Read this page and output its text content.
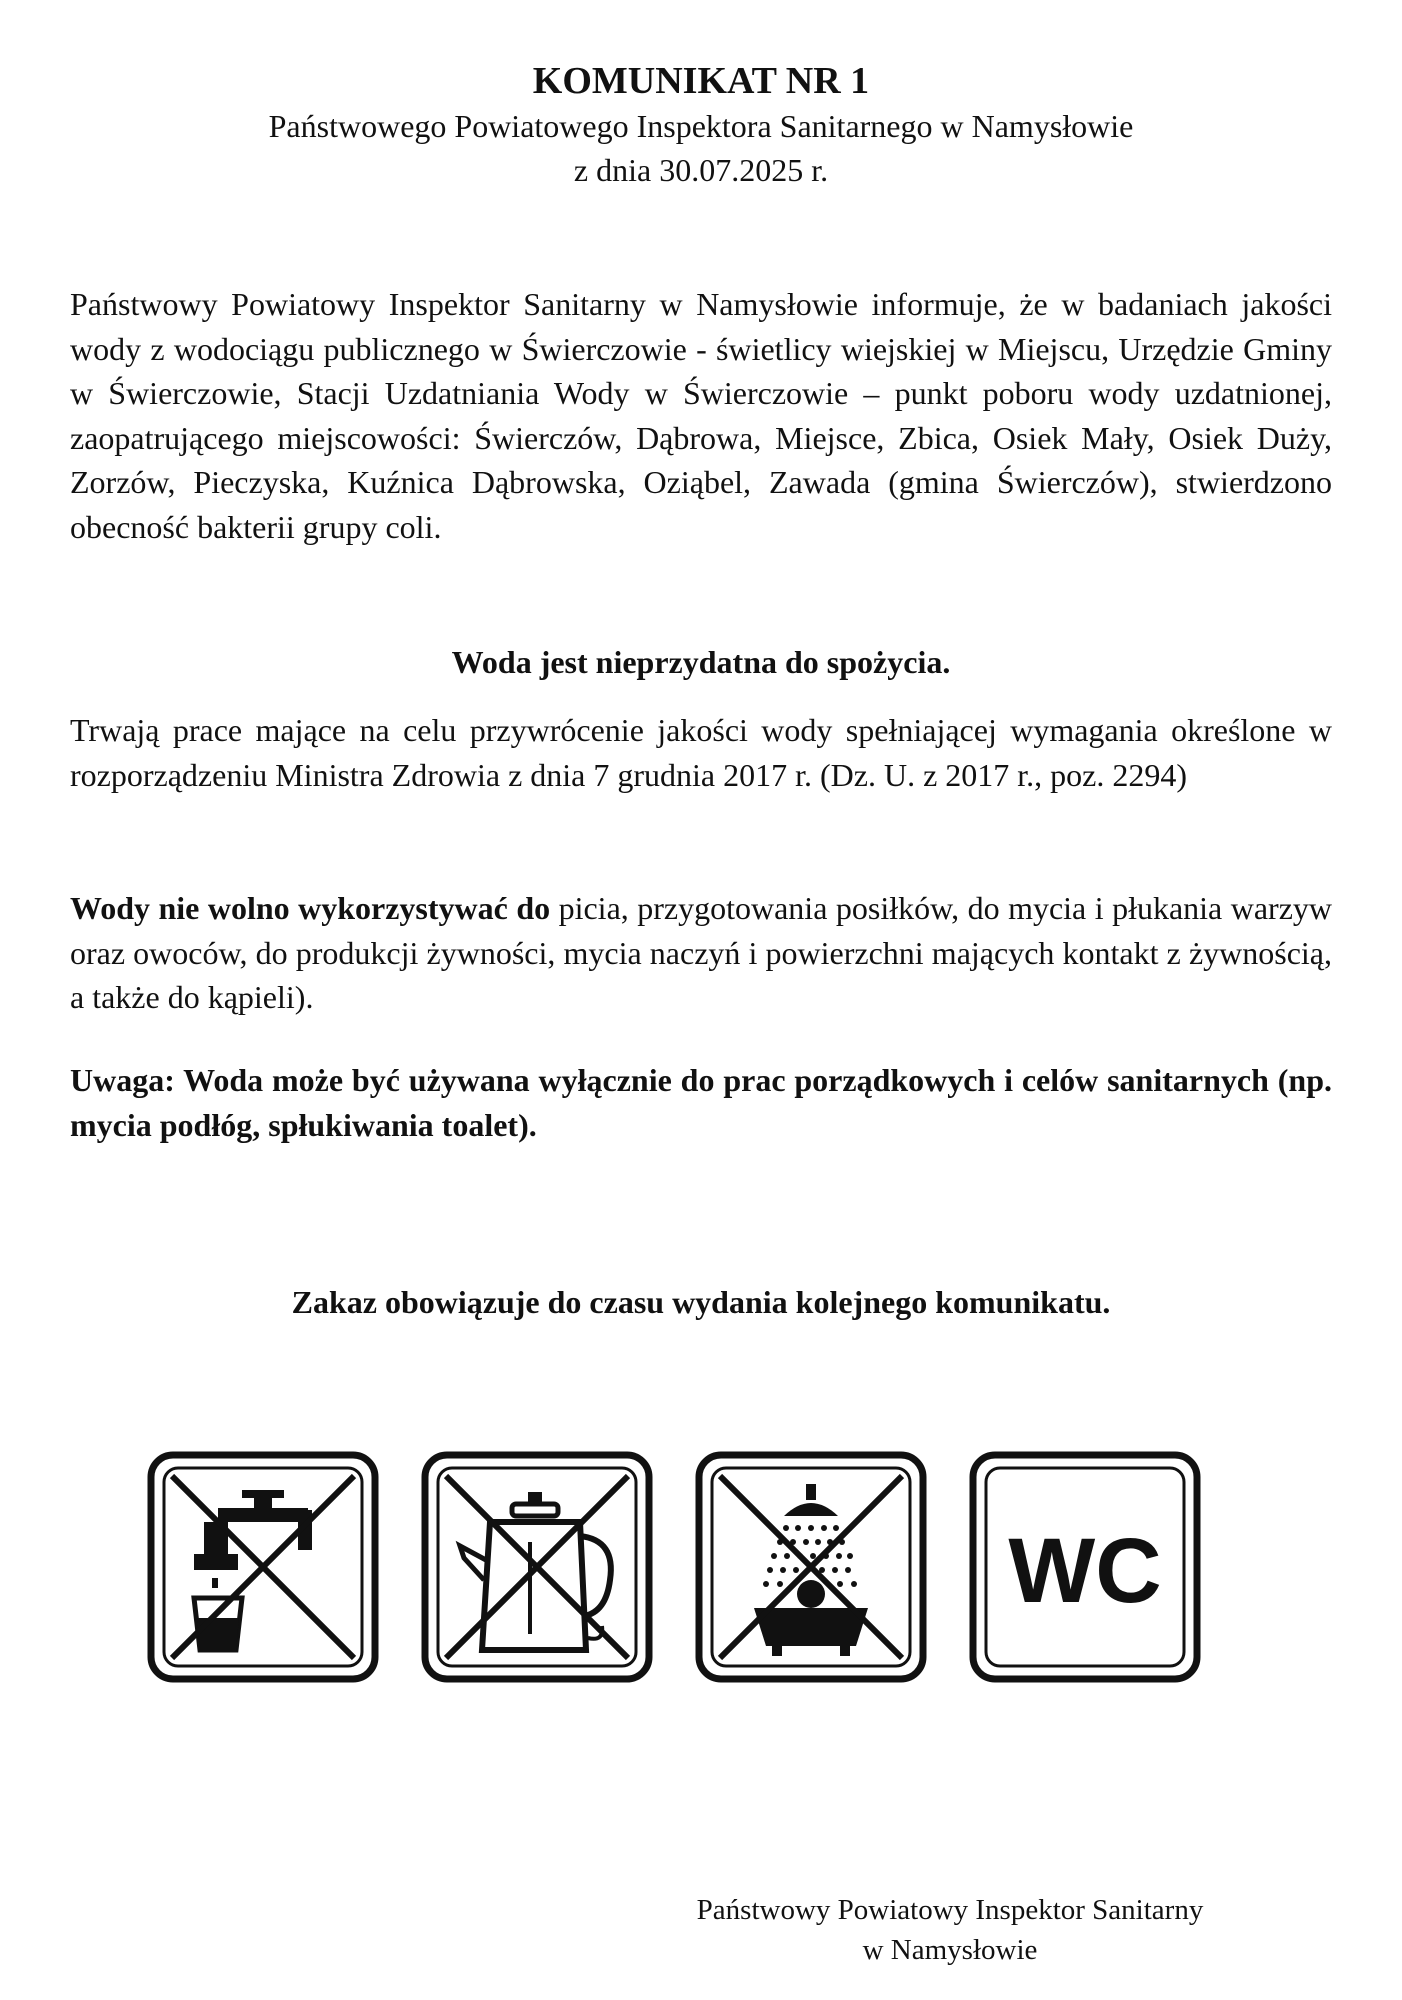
KOMUNIKAT NR 1
Państwowego Powiatowego Inspektora Sanitarnego w Namysłowie
z dnia 30.07.2025 r.

Państwowy Powiatowy Inspektor Sanitarny w Namysłowie informuje, że w badaniach jakości wody z wodociągu publicznego w Świerczowie - świetlicy wiejskiej w Miejscu, Urzędzie Gminy w Świerczowie, Stacji Uzdatniania Wody w Świerczowie – punkt poboru wody uzdatnionej, zaopatrującego miejscowości: Świerczów, Dąbrowa, Miejsce, Zbica, Osiek Mały, Osiek Duży, Zorzów, Pieczyska, Kuźnica Dąbrowska, Oziąbel, Zawada (gmina Świerczów), stwierdzono obecność bakterii grupy coli.

Woda jest nieprzydatna do spożycia.

Trwają prace mające na celu przywrócenie jakości wody spełniającej wymagania określone w rozporządzeniu Ministra Zdrowia z dnia 7 grudnia 2017 r. (Dz. U. z 2017 r., poz. 2294)

Wody nie wolno wykorzystywać do picia, przygotowania posiłków, do mycia i płukania warzyw oraz owoców, do produkcji żywności, mycia naczyń i powierzchni mających kontakt z żywnością, a także do kąpieli).

Uwaga: Woda może być używana wyłącznie do prac porządkowych i celów sanitarnych (np. mycia podłóg, spłukiwania toalet).

Zakaz obowiązuje do czasu wydania kolejnego komunikatu.

WC
Państwowy Powiatowy Inspektor Sanitarny
w Namysłowie
